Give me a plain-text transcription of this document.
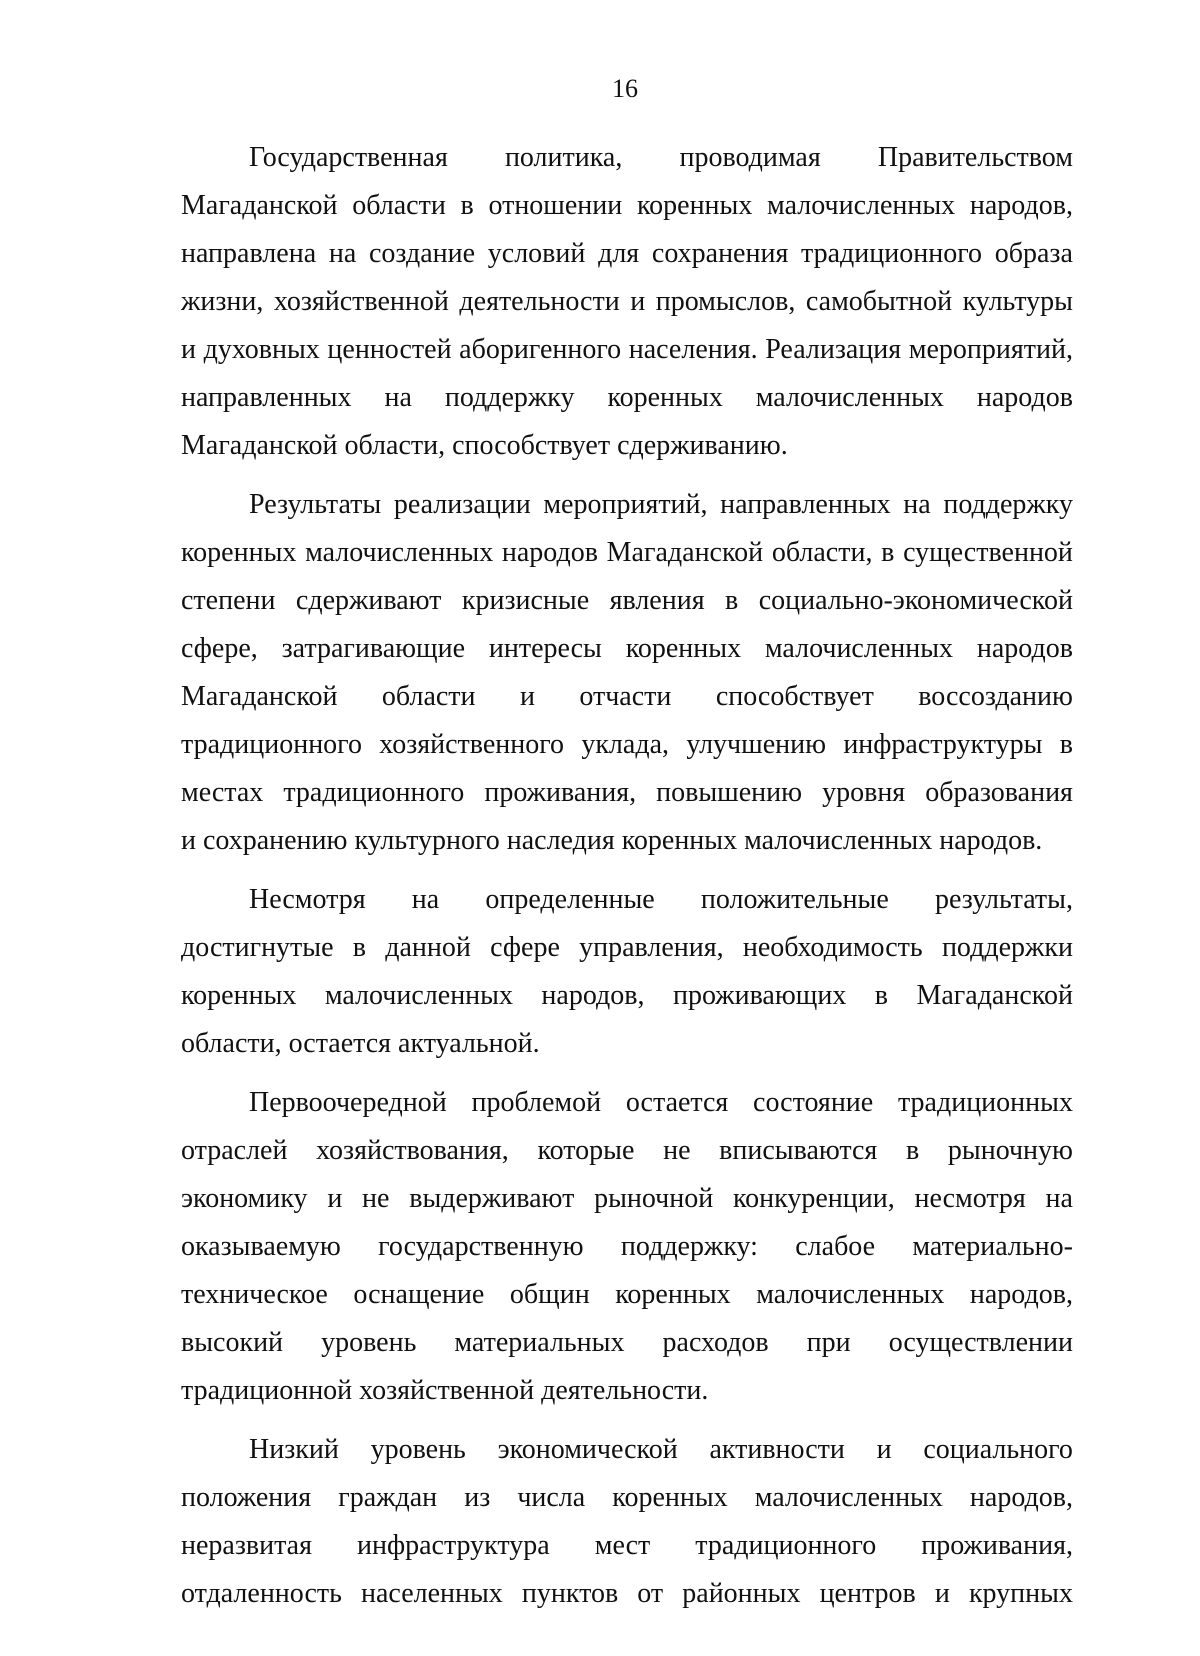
16
Государственная политика, проводимая Правительством
Магаданской области в отношении коренных малочисленных народов,
направлена на создание условий для сохранения традиционного образа
жизни, хозяйственной деятельности и промыслов, самобытной культуры
и духовных ценностей аборигенного населения. Реализация мероприятий,
направленных на поддержку коренных малочисленных народов
Магаданской области, способствует сдерживанию.
Результаты реализации мероприятий, направленных на поддержку
коренных малочисленных народов Магаданской области, в существенной
степени сдерживают кризисные явления в социально-экономической
сфере, затрагивающие интересы коренных малочисленных народов
Магаданской области и отчасти способствует воссозданию
традиционного хозяйственного уклада, улучшению инфраструктуры в
местах традиционного проживания, повышению уровня образования
и сохранению культурного наследия коренных малочисленных народов.
Несмотря на определенные положительные результаты,
достигнутые в данной сфере управления, необходимость поддержки
коренных малочисленных народов, проживающих в Магаданской
области, остается актуальной.
Первоочередной проблемой остается состояние традиционных
отраслей хозяйствования, которые не вписываются в рыночную
экономику и не выдерживают рыночной конкуренции, несмотря на
оказываемую государственную поддержку: слабое материально-
техническое оснащение общин коренных малочисленных народов,
высокий уровень материальных расходов при осуществлении
традиционной хозяйственной деятельности.
Низкий уровень экономической активности и социального
положения граждан из числа коренных малочисленных народов,
неразвитая инфраструктура мест традиционного проживания,
отдаленность населенных пунктов от районных центров и крупных
